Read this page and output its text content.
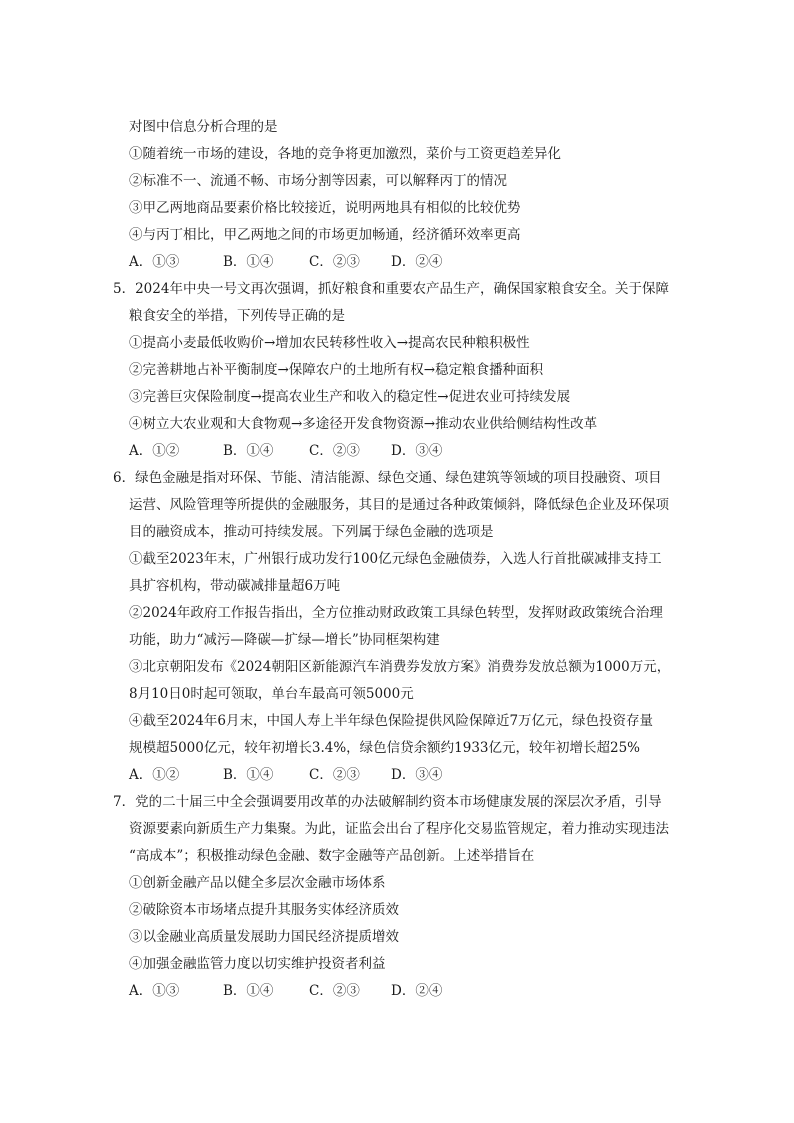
对图中信息分析合理的是
①随着统一市场的建设，各地的竞争将更加激烈，菜价与工资更趋差异化
②标准不一、流通不畅、市场分割等因素，可以解释丙丁的情况
③甲乙两地商品要素价格比较接近，说明两地具有相似的比较优势
④与丙丁相比，甲乙两地之间的市场更加畅通，经济循环效率更高
A．①③	B．①④	C．②③ D．②④
5．2024年中央一号文再次强调，抓好粮食和重要农产品生产，确保国家粮食安全。关于保障
粮食安全的举措，下列传导正确的是
①提高小麦最低收购价→增加农民转移性收入→提高农民种粮积极性
②完善耕地占补平衡制度→保障农户的土地所有权→稳定粮食播种面积
③完善巨灾保险制度→提高农业生产和收入的稳定性→促进农业可持续发展
④树立大农业观和大食物观→多途径开发食物资源→推动农业供给侧结构性改革
A．①②	B．①④	C．②③ D．③④
6．绿色金融是指对环保、节能、清洁能源、绿色交通、绿色建筑等领域的项目投融资、项目
运营、风险管理等所提供的金融服务，其目的是通过各种政策倾斜，降低绿色企业及环保项
目的融资成本，推动可持续发展。下列属于绿色金融的选项是
①截至2023年末，广州银行成功发行100亿元绿色金融债券，入选人行首批碳减排支持工
具扩容机构，带动碳减排量超6万吨
②2024年政府工作报告指出，全方位推动财政政策工具绿色转型，发挥财政政策统合治理
功能，助力“减污—降碳—扩绿—增长”协同框架构建
③北京朝阳发布《2024朝阳区新能源汽车消费券发放方案》消费券发放总额为1000万元，
8月10日0时起可领取，单台车最高可领5000元
④截至2024年6月末，中国人寿上半年绿色保险提供风险保障近7万亿元，绿色投资存量
规模超5000亿元，较年初增长3.4%，绿色信贷余额约1933亿元，较年初增长超25%
A．①②	B．①④	C．②③ D．③④
7．党的二十届三中全会强调要用改革的办法破解制约资本市场健康发展的深层次矛盾，引导
资源要素向新质生产力集聚。为此，证监会出台了程序化交易监管规定，着力推动实现违法
“高成本”；积极推动绿色金融、数字金融等产品创新。上述举措旨在
①创新金融产品以健全多层次金融市场体系
②破除资本市场堵点提升其服务实体经济质效
③以金融业高质量发展助力国民经济提质增效
④加强金融监管力度以切实维护投资者利益
A．①③	B．①④	C．②③ D．②④
